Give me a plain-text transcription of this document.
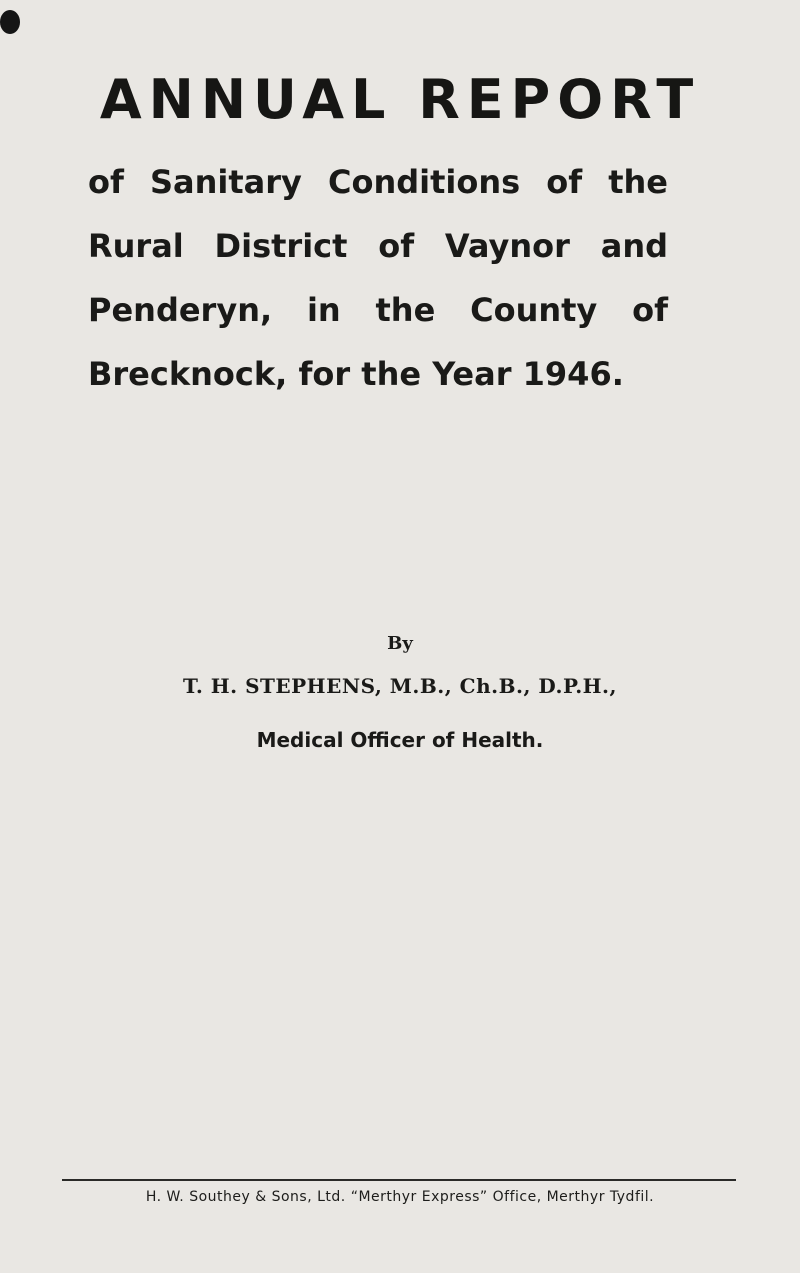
ANNUAL REPORT
of Sanitary Conditions of the
Rural District of Vaynor and
Penderyn, in the County of
Brecknock, for the Year 1946.
By
T. H. STEPHENS, M.B., Ch.B., D.P.H.,
Medical Officer of Health.
H. W. Southey & Sons, Ltd. “Merthyr Express” Office, Merthyr Tydfil.
